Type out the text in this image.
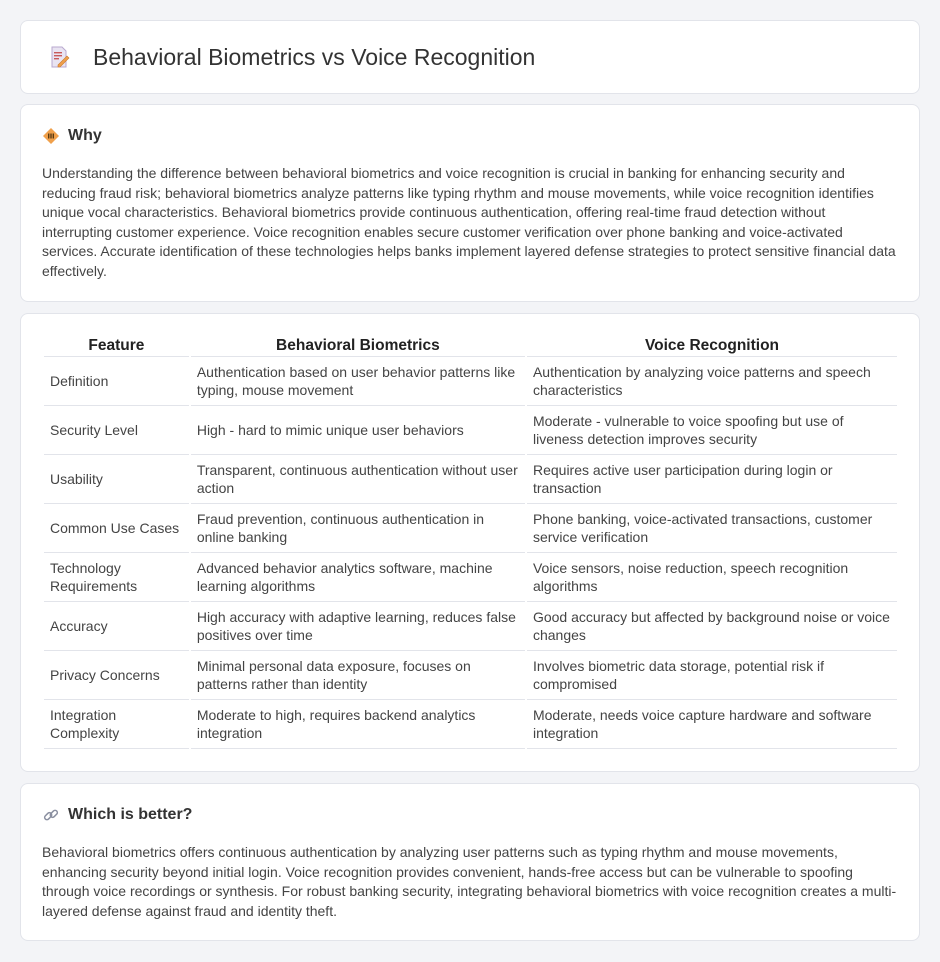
Behavioral Biometrics vs Voice Recognition
Why

Understanding the difference between behavioral biometrics and voice recognition is crucial in banking for enhancing security and reducing fraud risk; behavioral biometrics analyze patterns like typing rhythm and mouse movements, while voice recognition identifies unique vocal characteristics. Behavioral biometrics provide continuous authentication, offering real-time fraud detection without interrupting customer experience. Voice recognition enables secure customer verification over phone banking and voice-activated services. Accurate identification of these technologies helps banks implement layered defense strategies to protect sensitive financial data effectively.

Feature	Behavioral Biometrics	Voice Recognition
Definition	Authentication based on user behavior patterns like typing, mouse movement	Authentication by analyzing voice patterns and speech characteristics
Security Level	High - hard to mimic unique user behaviors	Moderate - vulnerable to voice spoofing but use of liveness detection improves security
Usability	Transparent, continuous authentication without user action	Requires active user participation during login or transaction
Common Use Cases	Fraud prevention, continuous authentication in online banking	Phone banking, voice-activated transactions, customer service verification
Technology Requirements	Advanced behavior analytics software, machine learning algorithms	Voice sensors, noise reduction, speech recognition algorithms
Accuracy	High accuracy with adaptive learning, reduces false positives over time	Good accuracy but affected by background noise or voice changes
Privacy Concerns	Minimal personal data exposure, focuses on patterns rather than identity	Involves biometric data storage, potential risk if compromised
Integration Complexity	Moderate to high, requires backend analytics integration	Moderate, needs voice capture hardware and software integration
Which is better?

Behavioral biometrics offers continuous authentication by analyzing user patterns such as typing rhythm and mouse movements, enhancing security beyond initial login. Voice recognition provides convenient, hands-free access but can be vulnerable to spoofing through voice recordings or synthesis. For robust banking security, integrating behavioral biometrics with voice recognition creates a multi-layered defense against fraud and identity theft.
